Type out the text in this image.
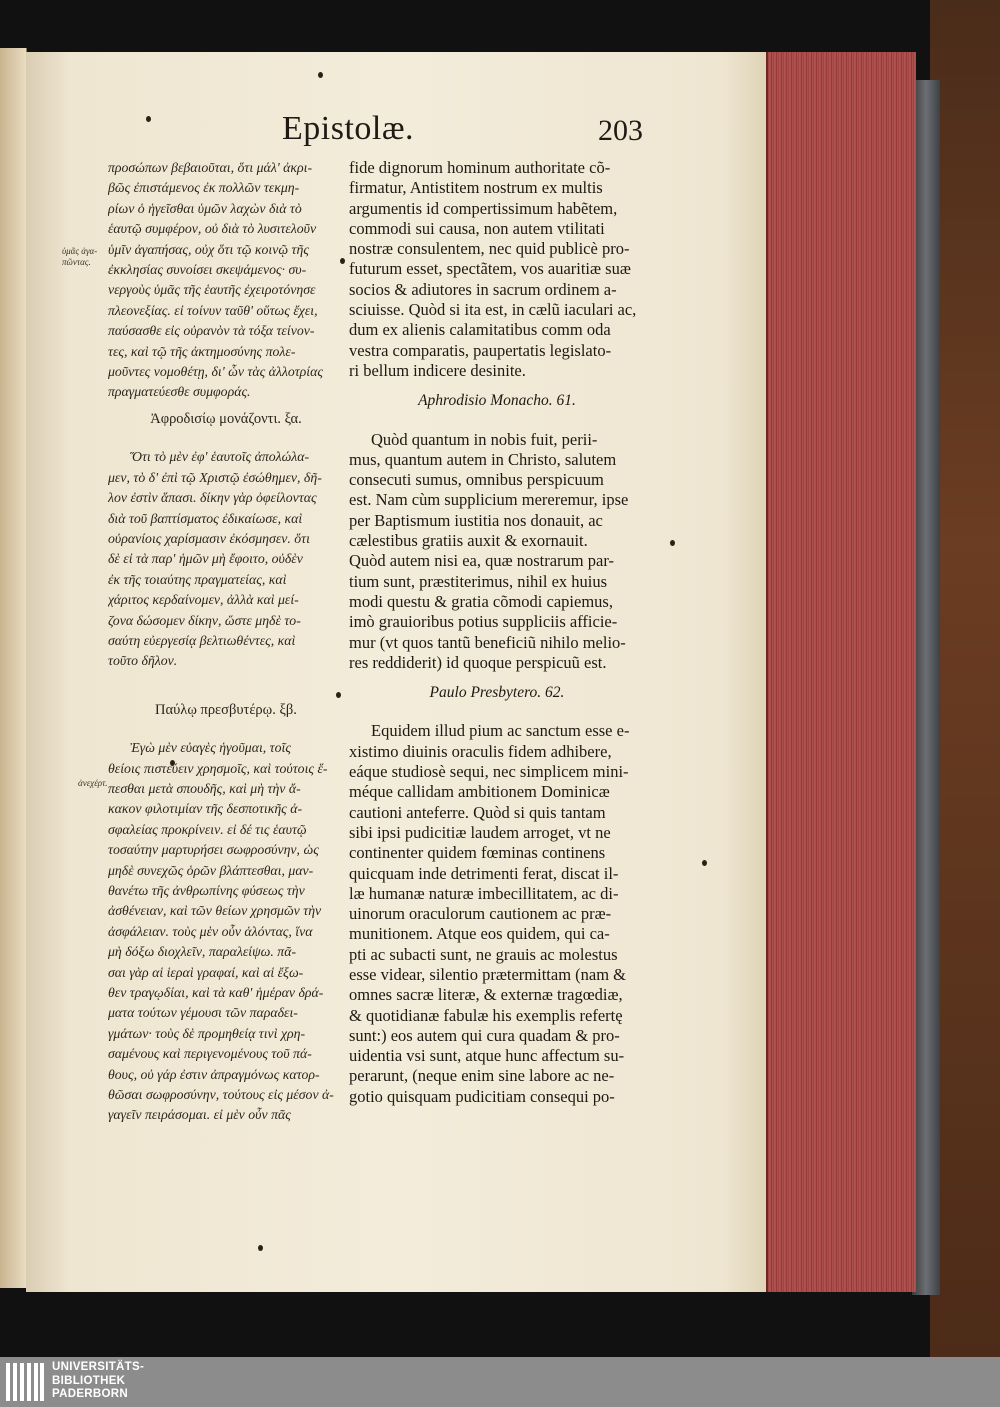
Epistolæ.	203
ὑμᾶς ἀγα-
πῶντας.
ἀνεχέρτ.
προσώπων βεβαιοῦται, ὅτι μάλ' ἀκρι-
βῶς ἐπιστάμενος ἐκ πολλῶν τεκμη-
ρίων ὁ ἡγεῖσθαι ὑμῶν λαχὼν διὰ τὸ
ἑαυτῷ συμφέρον, οὐ διὰ τὸ λυσιτελοῦν
ὑμῖν ἀγαπήσας, οὐχ ὅτι τῷ κοινῷ τῆς
ἐκκλησίας συνοίσει σκεψάμενος· συ-
νεργοὺς ὑμᾶς τῆς ἑαυτῆς ἐχειροτόνησε
πλεονεξίας. εἰ τοίνυν ταῦθ' οὕτως ἔχει,
παύσασθε εἰς οὐρανὸν τὰ τόξα τείνον-
τες, καὶ τῷ τῆς ἀκτημοσύνης πολε-
μοῦντες νομοθέτῃ, δι' ὧν τὰς ἀλλοτρίας
πραγματεύεσθε συμφοράς.
Ἀφροδισίῳ μονάζοντι. ξα.
Ὅτι τὸ μὲν ἐφ' ἑαυτοῖς ἀπολώλα-
μεν, τὸ δ' ἐπὶ τῷ Χριστῷ ἐσώθημεν, δῆ-
λον ἐστὶν ἅπασι. δίκην γὰρ ὀφείλοντας
διὰ τοῦ βαπτίσματος ἐδικαίωσε, καὶ
οὐρανίοις χαρίσμασιν ἐκόσμησεν. ὅτι
δὲ εἰ τὰ παρ' ἡμῶν μὴ ἔφοιτο, οὐδὲν
ἐκ τῆς τοιαύτης πραγματείας, καὶ
χάριτος κερδαίνομεν, ἀλλὰ καὶ μεί-
ζονα δώσομεν δίκην, ὥστε μηδὲ το-
σαύτη εὐεργεσίᾳ βελτιωθέντες, καὶ
τοῦτο δῆλον.
Παύλῳ πρεσβυτέρῳ. ξβ.
Ἐγὼ μὲν εὐαγὲς ἡγοῦμαι, τοῖς
θείοις πιστεύειν χρησμοῖς, καὶ τούτοις ἕ-
πεσθαι μετὰ σπουδῆς, καὶ μὴ τὴν ἄ-
κακον φιλοτιμίαν τῆς δεσποτικῆς ἀ-
σφαλείας προκρίνειν. εἰ δέ τις ἑαυτῷ
τοσαύτην μαρτυρήσει σωφροσύνην, ὡς
μηδὲ συνεχῶς ὁρῶν βλάπτεσθαι, μαν-
θανέτω τῆς ἀνθρωπίνης φύσεως τὴν
ἀσθένειαν, καὶ τῶν θείων χρησμῶν τὴν
ἀσφάλειαν. τοὺς μὲν οὖν ἁλόντας, ἵνα
μὴ δόξω διοχλεῖν, παραλείψω. πᾶ-
σαι γὰρ αἱ ἱεραὶ γραφαί, καὶ αἱ ἔξω-
θεν τραγῳδίαι, καὶ τὰ καθ' ἡμέραν δρά-
ματα τούτων γέμουσι τῶν παραδει-
γμάτων· τοὺς δὲ προμηθείᾳ τινὶ χρη-
σαμένους καὶ περιγενομένους τοῦ πά-
θους, οὐ γάρ ἐστιν ἀπραγμόνως κατορ-
θῶσαι σωφροσύνην, τούτους εἰς μέσον ἀ-
γαγεῖν πειράσομαι. εἰ μὲν οὖν πᾶς
fide dignorum hominum authoritate cõ-
firmatur, Antistitem nostrum ex multis
argumentis id compertissimum habẽtem,
commodi sui causa, non autem vtilitati
nostræ consulentem, nec quid publicè pro-
futurum esset, spectãtem, vos auaritiæ suæ
socios & adiutores in sacrum ordinem a-
sciuisse. Quòd si ita est, in cælũ iaculari ac,
dum ex alienis calamitatibus comm oda
vestra comparatis, paupertatis legislato-
ri bellum indicere desinite.
Aphrodisio Monacho. 61.
Quòd quantum in nobis fuit, perii-
mus, quantum autem in Christo, salutem
consecuti sumus, omnibus perspicuum
est. Nam cùm supplicium mereremur, ipse
per Baptismum iustitia nos donauit, ac
cælestibus gratiis auxit & exornauit.
Quòd autem nisi ea, quæ nostrarum par-
tium sunt, præstiterimus, nihil ex huius
modi questu & gratia cõmodi capiemus,
imò grauioribus potius suppliciis afficie-
mur (vt quos tantũ beneficiũ nihilo melio-
res reddiderit) id quoque perspicuũ est.
Paulo Presbytero. 62.
Equidem illud pium ac sanctum esse e-
xistimo diuinis oraculis fidem adhibere,
eáque studiosè sequi, nec simplicem mini-
méque callidam ambitionem Dominicæ
cautioni anteferre. Quòd si quis tantam
sibi ipsi pudicitiæ laudem arroget, vt ne
continenter quidem fœminas continens
quicquam inde detrimenti ferat, discat il-
læ humanæ naturæ imbecillitatem, ac di-
uinorum oraculorum cautionem ac præ-
munitionem. Atque eos quidem, qui ca-
pti ac subacti sunt, ne grauis ac molestus
esse videar, silentio prætermittam (nam &
omnes sacræ literæ, & externæ tragœdiæ,
& quotidianæ fabulæ his exemplis refertę
sunt:) eos autem qui cura quadam & pro-
uidentia vsi sunt, atque hunc affectum su-
perarunt, (neque enim sine labore ac ne-
gotio quisquam pudicitiam consequi po-
UNIVERSITÄTS-
BIBLIOTHEK
PADERBORN
